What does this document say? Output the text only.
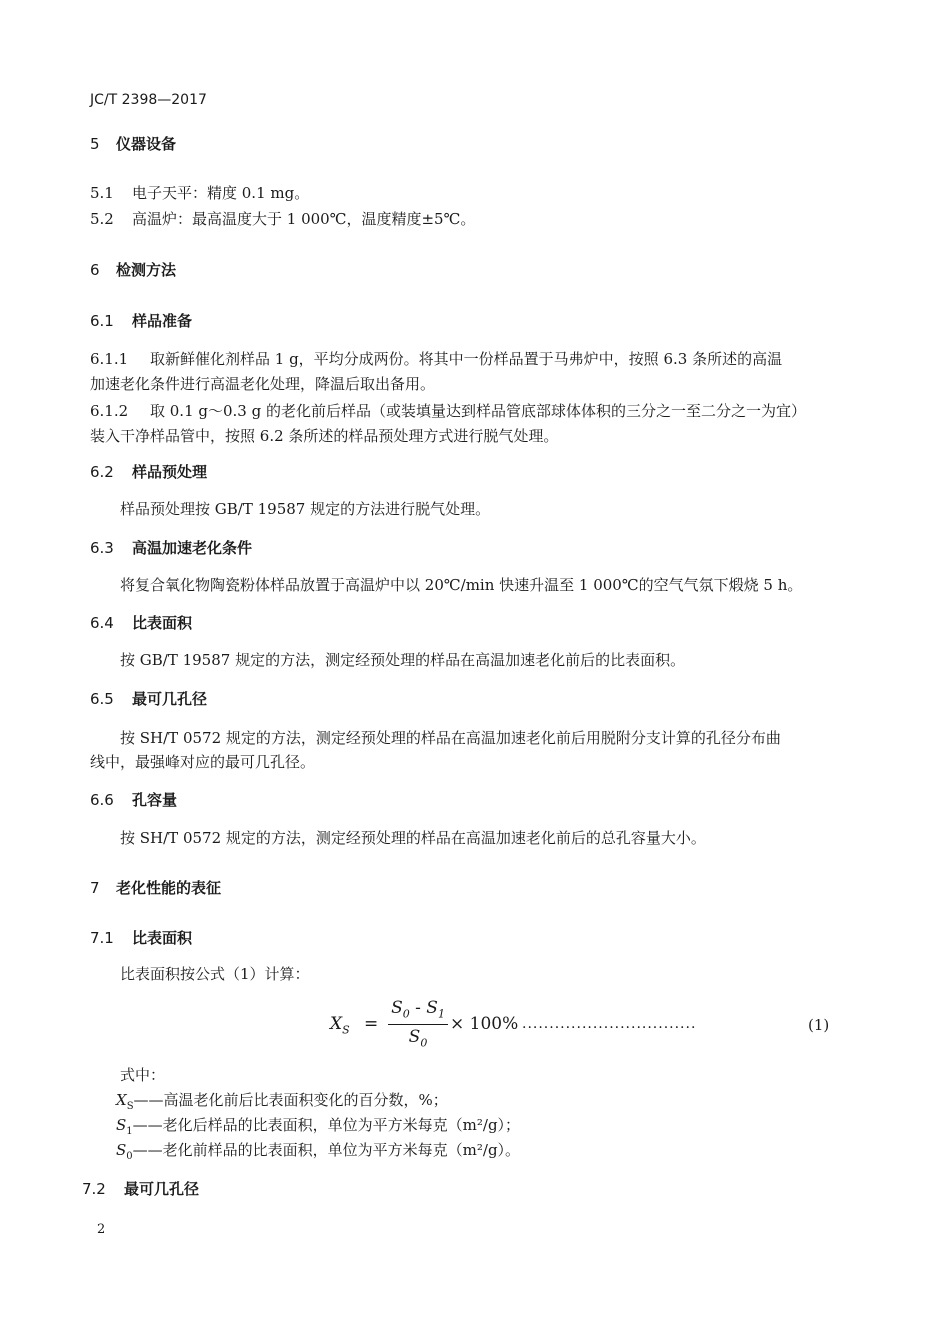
JC/T 2398—2017
5 仪器设备
5.1 电子天平：精度 0.1 mg。
5.2 高温炉：最高温度大于 1 000℃，温度精度±5℃。
6 检测方法
6.1 样品准备
6.1.1 取新鲜催化剂样品 1 g，平均分成两份。将其中一份样品置于马弗炉中，按照 6.3 条所述的高温
加速老化条件进行高温老化处理，降温后取出备用。
6.1.2 取 0.1 g～0.3 g 的老化前后样品（或装填量达到样品管底部球体体积的三分之一至二分之一为宜）
装入干净样品管中，按照 6.2 条所述的样品预处理方式进行脱气处理。
6.2 样品预处理
样品预处理按 GB/T 19587 规定的方法进行脱气处理。
6.3 高温加速老化条件
将复合氧化物陶瓷粉体样品放置于高温炉中以 20℃/min 快速升温至 1 000℃的空气气氛下煅烧 5 h。
6.4 比表面积
按 GB/T 19587 规定的方法，测定经预处理的样品在高温加速老化前后的比表面积。
6.5 最可几孔径
按 SH/T 0572 规定的方法，测定经预处理的样品在高温加速老化前后用脱附分支计算的孔径分布曲
线中，最强峰对应的最可几孔径。
6.6 孔容量
按 SH/T 0572 规定的方法，测定经预处理的样品在高温加速老化前后的总孔容量大小。
7 老化性能的表征
7.1 比表面积
比表面积按公式（1）计算：
$X_S$ =
$S_0 - S_1$
$S_0$
× 100% ................................	(1)
式中：
$X_S——$高温老化前后比表面积变化的百分数，%；
$S_1——$老化后样品的比表面积，单位为平方米每克（m²/g）；
$S_0——$老化前样品的比表面积，单位为平方米每克（m²/g）。
7.2 最可几孔径
2
